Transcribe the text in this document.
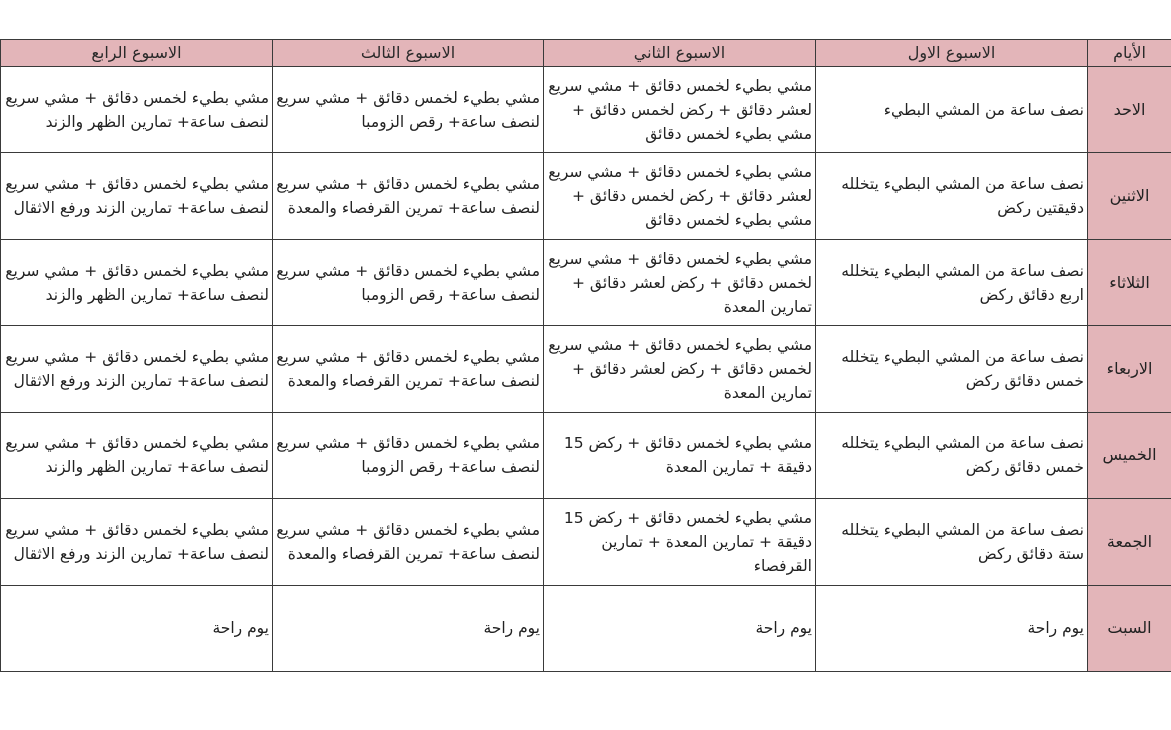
الأيام	الاسبوع الاول	الاسبوع الثاني	الاسبوع الثالث	الاسبوع الرابع
الاحد	نصف ساعة من المشي البطيء	مشي بطيء لخمس دقائق + مشي سريع لعشر دقائق + ركض لخمس دقائق + مشي بطيء لخمس دقائق	مشي بطيء لخمس دقائق + مشي سريع لنصف ساعة+ رقص الزومبا	مشي بطيء لخمس دقائق + مشي سريع لنصف ساعة+ تمارين الظهر والزند
الاثنين	نصف ساعة من المشي البطيء يتخلله دقيقتين ركض	مشي بطيء لخمس دقائق + مشي سريع لعشر دقائق + ركض لخمس دقائق + مشي بطيء لخمس دقائق	مشي بطيء لخمس دقائق + مشي سريع لنصف ساعة+ تمرين القرفصاء والمعدة	مشي بطيء لخمس دقائق + مشي سريع لنصف ساعة+ تمارين الزند ورفع الاثقال
الثلاثاء	نصف ساعة من المشي البطيء يتخلله اربع دقائق ركض	مشي بطيء لخمس دقائق + مشي سريع لخمس دقائق + ركض لعشر دقائق + تمارين المعدة	مشي بطيء لخمس دقائق + مشي سريع لنصف ساعة+ رقص الزومبا	مشي بطيء لخمس دقائق + مشي سريع لنصف ساعة+ تمارين الظهر والزند
الاربعاء	نصف ساعة من المشي البطيء يتخلله خمس دقائق ركض	مشي بطيء لخمس دقائق + مشي سريع لخمس دقائق + ركض لعشر دقائق + تمارين المعدة	مشي بطيء لخمس دقائق + مشي سريع لنصف ساعة+ تمرين القرفصاء والمعدة	مشي بطيء لخمس دقائق + مشي سريع لنصف ساعة+ تمارين الزند ورفع الاثقال
الخميس	نصف ساعة من المشي البطيء يتخلله خمس دقائق ركض	مشي بطيء لخمس دقائق + ركض 15 دقيقة + تمارين المعدة	مشي بطيء لخمس دقائق + مشي سريع لنصف ساعة+ رقص الزومبا	مشي بطيء لخمس دقائق + مشي سريع لنصف ساعة+ تمارين الظهر والزند
الجمعة	نصف ساعة من المشي البطيء يتخلله ستة دقائق ركض	مشي بطيء لخمس دقائق + ركض 15 دقيقة + تمارين المعدة + تمارين القرفصاء	مشي بطيء لخمس دقائق + مشي سريع لنصف ساعة+ تمرين القرفصاء والمعدة	مشي بطيء لخمس دقائق + مشي سريع لنصف ساعة+ تمارين الزند ورفع الاثقال
السبت	يوم راحة	يوم راحة	يوم راحة	يوم راحة
